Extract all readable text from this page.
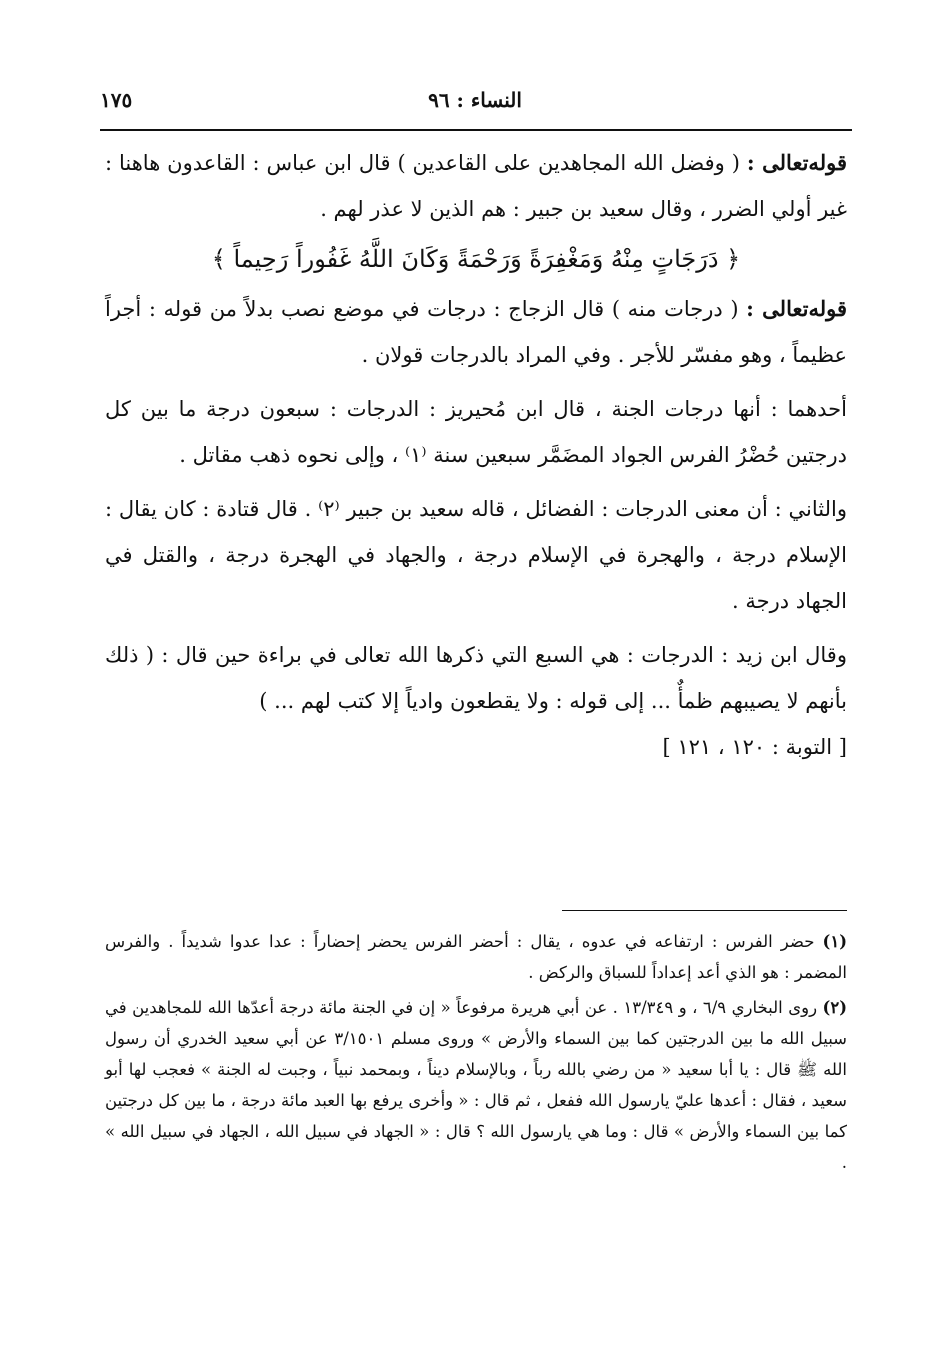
النساء : ٩٦
١٧٥

قوله‌تعالى : ( وفضل الله المجاهدين على القاعدين ) قال ابن عباس : القاعدون هاهنا : غير أولي الضرر ، وقال سعيد بن جبير : هم الذين لا عذر لهم .

﴿ دَرَجَاتٍ مِنْهُ وَمَغْفِرَةً وَرَحْمَةً وَكَانَ اللَّهُ غَفُوراً رَحِيماً ﴾

قوله‌تعالى : ( درجات منه ) قال الزجاج : درجات في موضع نصب بدلاً من قوله : أجراً عظيماً ، وهو مفسّر للأجر . وفي المراد بالدرجات قولان .

أحدهما : أنها درجات الجنة ، قال ابن مُحيريز : الدرجات : سبعون درجة ما بين كل درجتين حُضْرُ الفرس الجواد المضَمَّر سبعين سنة ⁽١⁾ ، وإلى نحوه ذهب مقاتل .

والثاني : أن معنى الدرجات : الفضائل ، قاله سعيد بن جبير ⁽٢⁾ . قال قتادة : كان يقال : الإسلام درجة ، والهجرة في الإسلام درجة ، والجهاد في الهجرة درجة ، والقتل في الجهاد درجة .

وقال ابن زيد : الدرجات : هي السبع التي ذكرها الله تعالى في براءة حين قال : ( ذلك بأنهم لا يصيبهم ظمأٌ ... إلى قوله : ولا يقطعون وادياً إلا كتب لهم ... )
[ التوبة : ١٢٠ ، ١٢١ ]

(١) حضر الفرس : ارتفاعه في عدوه ، يقال : أحضر الفرس يحضر إحضاراً : عدا عدوا شديداً . والفرس المضمر : هو الذي أعد إعداداً للسباق والركض .

(٢) روى البخاري ٦/٩ ، و ١٣/٣٤٩ . عن أبي هريرة مرفوعاً « إن في الجنة مائة درجة أعدّها الله للمجاهدين في سبيل الله ما بين الدرجتين كما بين السماء والأرض » وروى مسلم ٣/١٥٠١ عن أبي سعيد الخدري أن رسول الله ﷺ قال : يا أبا سعيد « من رضي بالله رباً ، وبالإسلام ديناً ، وبمحمد نبياً ، وجبت له الجنة » فعجب لها أبو سعيد ، فقال : أعدها عليّ يارسول الله ففعل ، ثم قال : « وأخرى يرفع بها العبد مائة درجة ، ما بين كل درجتين كما بين السماء والأرض » قال : وما هي يارسول الله ؟ قال : « الجهاد في سبيل الله ، الجهاد في سبيل الله » .
